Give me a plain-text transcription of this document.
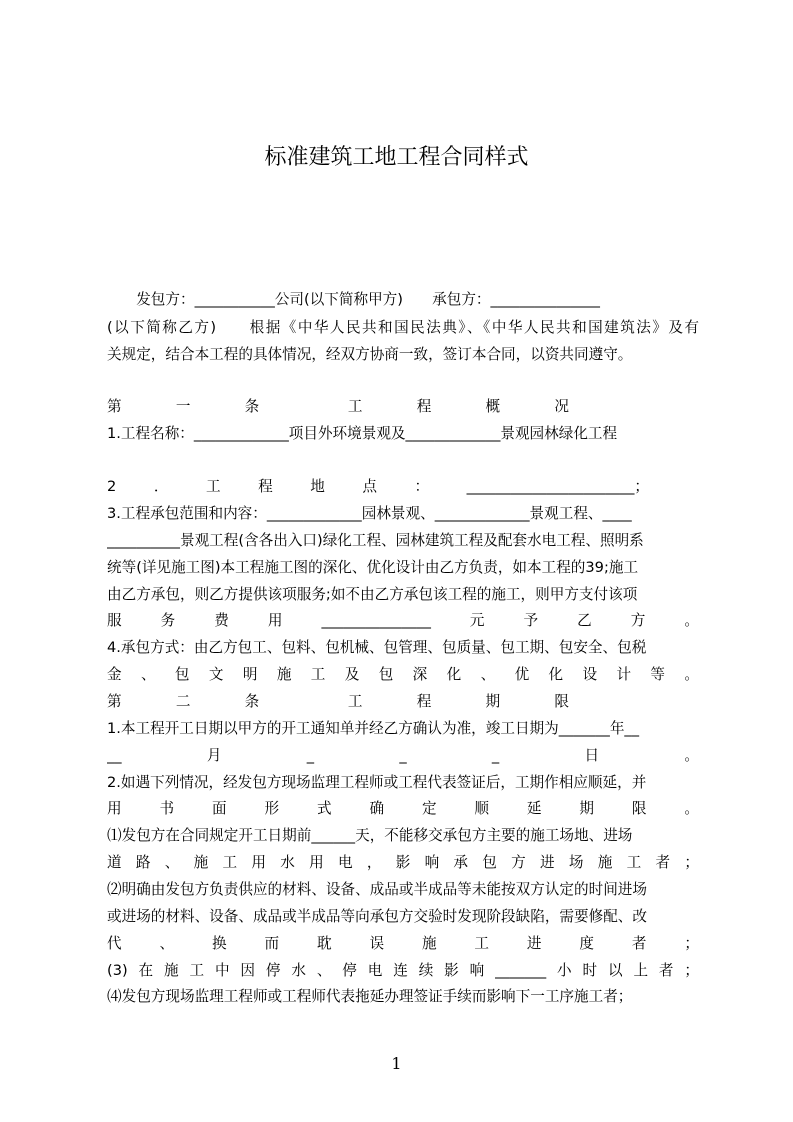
标准建筑工地工程合同样式
　　发包方：___________公司(以下简称甲方)　　承包方：_______________
(以下简称乙方)　　根据《中华人民共和国民法典》、《中华人民共和国建筑法》及有
关规定，结合本工程的具体情况，经双方协商一致，签订本合同，以资共同遵守。
第　一　条　　工　程　概　况
1.工程名称：_____________项目外环境景观及_____________景观园林绿化工程
2．工程地点：_______________________；
3.工程承包范围和内容：_____________园林景观、_____________景观工程、____
__________景观工程(含各出入口)绿化工程、园林建筑工程及配套水电工程、照明系
统等(详见施工图)本工程施工图的深化、优化设计由乙方负责，如本工程的39;施工
由乙方承包，则乙方提供该项服务;如不由乙方承包该工程的施工，则甲方支付该项
服务费用_______________元予乙方。
4.承包方式：由乙方包工、包料、包机械、包管理、包质量、包工期、包安全、包税
金、包文明施工及包深化、优化设计等。
第　二　条　　工　程　期　限
1.本工程开工日期以甲方的开工通知单并经乙方确认为准，竣工日期为_______年__
__　月　_　_　_　日　。
2.如遇下列情况，经发包方现场监理工程师或工程代表签证后，工期作相应顺延，并
用书面形式确定顺延期限。
⑴发包方在合同规定开工日期前______天，不能移交承包方主要的施工场地、进场
道路、施工用水用电，影响承包方进场施工者；
⑵明确由发包方负责供应的材料、设备、成品或半成品等未能按双方认定的时间进场
或进场的材料、设备、成品或半成品等向承包方交验时发现阶段缺陷，需要修配、改
代、换而耽误施工进度者；
(3)在施工中因停水、停电连续影响_______小时以上者；
⑷发包方现场监理工程师或工程师代表拖延办理签证手续而影响下一工序施工者；
1
